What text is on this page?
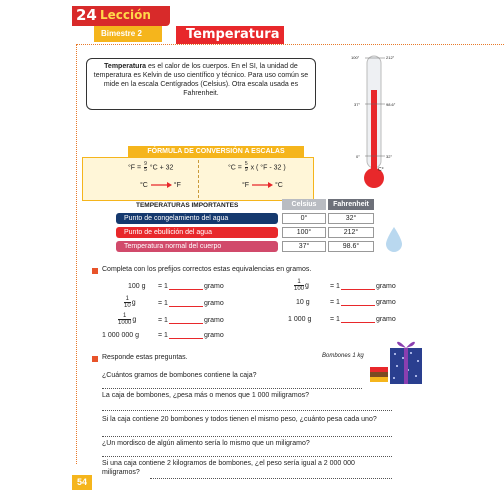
24 Lección
Bimestre 2	Temperatura
Temperatura es el calor de los cuerpos. En el SI, la unidad de temperatura es Kelvin de uso científico y técnico. Para uso común se mide en la escala Centígrados (Celsius). Otra escala usada es Fahrenheit.
100°	212°
37°	98.6°
0°	32°
C°
FÓRMULA DE CONVERSIÓN A ESCALAS
$^\circ F = \frac{9}{5} ^\circ C + 32$
°C	°F
$^\circ C = \frac{5}{9}$ x ( °F - 32 )
°F	°C
TEMPERATURAS IMPORTANTES	Celsius	Fahrenheit
Punto de congelamiento del agua	0°	32°
Punto de ebullición del agua	100°	212°
Temperatura normal del cuerpo	37°	98.6°
Completa con los prefijos correctos estas equivalencias en gramos.
100 g = 1	gramo
$\frac{1}{10}$ g	= 1	gramo
$\frac{1}{1000}$ g	= 1	gramo
1 000 000 g	= 1	gramo
$\frac{1}{100}$ g	= 1	gramo
10 g	= 1	gramo
1 000 g	= 1	gramo
Responde estas preguntas.	Bombones 1 kg
¿Cuántos gramos de bombones contiene la caja?
La caja de bombones, ¿pesa más o menos que 1 000 miligramos?
Si la caja contiene 20 bombones y todos tienen el mismo peso, ¿cuánto pesa cada uno?
¿Un mordisco de algún alimento sería lo mismo que un miligramo?
Si una caja contiene 2 kilogramos de bombones, ¿el peso sería igual a 2 000 000 miligramos?
54
